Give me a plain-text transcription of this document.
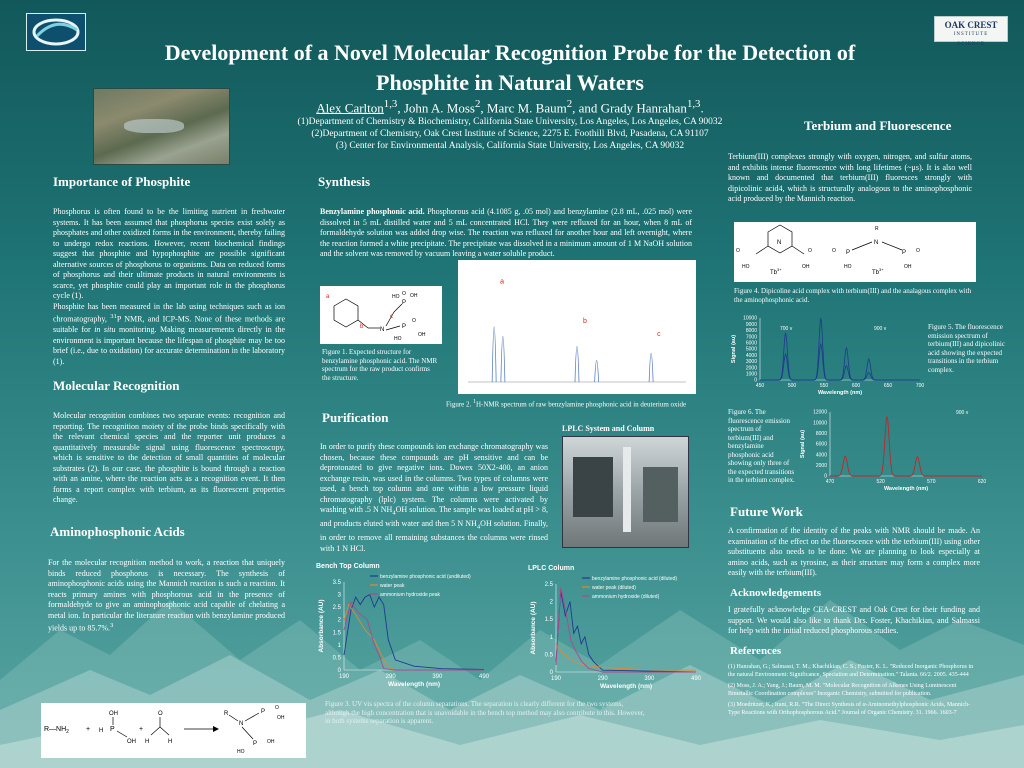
OAK CREST
INSTITUTE
SCIENCE
Development of a Novel Molecular Recognition Probe for the Detection of
Phosphite in Natural Waters
Alex Carlton$^{1,3}$, John A. Moss$^2$, Marc M. Baum$^2$, and Grady Hanrahan$^{1,3}$.
(1)Department of Chemistry & Biochemistry, California State University, Los Angeles, Los Angeles, CA 90032
(2)Department of Chemistry, Oak Crest Institute of Science, 2275 E. Foothill Blvd, Pasadena, CA 91107
(3) Center for Environmental Analysis, California State University, Los Angeles, CA 90032
Importance of Phosphite
Phosphorus is often found to be the limiting nutrient in freshwater systems. It has been assumed that phosphorus species exist solely as phosphates and other oxidized forms in the environment, thereby failing to undergo redox reactions. However, recent biochemical findings suggest that phosphite and hypophosphite are possible significant alternative sources of phosphorus to organisms. Data on reduced forms of phosphorus and their ultimate products in natural environments is scarce, yet phosphite could play an important role in the phosphorus cycle (1).
Phosphite has been measured in the lab using techniques such as ion chromatography, $^{31}$P NMR, and ICP-MS. None of these methods are suitable for in situ monitoring. Making measurements directly in the environment is important because the lifespan of phosphite may be too brief (i.e., due to oxidation) for accurate determination in the laboratory (1).
Molecular Recognition
Molecular recognition combines two separate events: recognition and reporting. The recognition moiety of the probe binds specifically with the relevant chemical species and the reporter unit produces a quantitatively measurable signal using fluorescence spectroscopy, which is sensitive to the detection of small quantities of molecular substrates (2). In our case, the phosphite is bound through a reaction with an amine, where the reaction acts as a recognition event. It then forms a report complex with terbium, as its fluorescent properties change.
Aminophosphonic Acids
For the molecular recognition method to work, a reaction that uniquely binds reduced phosphorus is necessary. The synthesis of aminophosphonic acids using the Mannich reaction is such a reaction. It reacts primary amines with phosphorous acid in the presence of formaldehyde to give an aminophosphonic acid capable of chelating a metal ion. In particular the literature reaction with benzylamine produced yields up to 85.7%.$^3$
$R—NH_2$ +
OH
P
H
OH
+
O
H	H
R
N
P
O
OH
P OH
HO
Synthesis
Benzylamine phosphonic acid. Phosphorous acid (4.1085 g, .05 mol) and benzylamine (2.8 mL, .025 mol) were dissolved in 5 mL distilled water and 5 mL concentrated HCl. They were refluxed for an hour, when 8 mL of formaldehyde solution was added drop wise. The reaction was refluxed for another hour and left overnight, where the reaction formed a white precipitate. The precipitate was dissolved in a minimum amount of 1 M NaOH solution and the solvent was removed by vacuum leaving a water soluble product.
N
P
HO O OH
P
O
OH
HO
a
b
c
Figure 1. Expected structure for benzylamine phosphonic acid. The NMR spectrum for the raw product confirms the structure.
a
b
c
Figure 2. $^1$H-NMR spectrum of raw benzylamine phosphonic acid in deuterium oxide
Purification
In order to purify these compounds ion exchange chromatography was chosen, because these compounds are pH sensitive and can be deprotonated to give negative ions. Dowex 50X2-400, an anion exchange resin, was used in the columns. Two types of columns were used, a bench top column and one within a low pressure liquid chromatography (lplc) system. The columns were activated by washing with .5 N $NH_4OH$ solution. The sample was loaded at pH > 8, and products eluted with water and then 5 N $NH_4OH$ solution. Finally, in order to remove all remaining substances the columns were rinsed with 1 N HCl.
LPLC System and Column
Bench Top Column
0
0.5
1
1.5
2
2.5
3
3.5
190	290	390	490
Wavelength (nm)
Absorbance (AU)
benzylamine phosphonic acid (undiluted)
water peak
ammonium hydroxide peak
LPLC Column
0
0.5
1
1.5
2
2.5
190	290	390	490
Wavelength (nm)
Absorbance (AU)
benzylamine phosphonic acid (diluted)
water peak (diluted)
ammonium hydroxide (diluted)
Figure 3. UV vis spectra of the column separations. The separation is clearly different for the two systems, although the high concentration that is unavoidable in the bench top method may also contribute to this. However, in both systems separation is apparent.
Terbium and Fluorescence
Terbium(III) complexes strongly with oxygen, nitrogen, and sulfur atoms, and exhibits intense fluorescence with long lifetimes (~μs). It is also well known and documented that terbium(III) fluoresces strongly with dipicolinic acid4, which is structurally analogous to the aminophosphonic acid produced by the Mannich reaction.
N
O	O
HO	OH
$Tb^{3+}$
R
N
P	P
O	O
HO	OH
$Tb^{3+}$
Figure 4. Dipicoline acid complex with terbium(III) and the analagous complex with the aminophosphonic acid.
0
1000
2000
3000
4000
5000
6000
7000
8000
9000
10000
450	500	550	600	650	700
Wavelength (nm)
Signal (au)
700 v	900 v	Figure 5. The fluorescence emission spectrum of terbium(III) and dipicolinic acid showing the expected transitions in the terbium complex.
0
2000
4000
6000
8000
10000
12000
470	520	570	620
Wavelength (nm)
Signal (au)
900 v
Figure 6. The fluorescence emission spectrum of terbium(III) and benzylamine phosphonic acid showing only three of the expected transitions in the terbium complex.
Future Work
A confirmation of the identity of the peaks with NMR should be made. An examination of the effect on the fluorescence with the terbium(III) using other substituents also needs to be done. We are planning to look especially at amino acids, such as tyrosine, as their structure may form a complex more easily with the terbium(III).
Acknowledgements
I gratefully acknowledge CEA-CREST and Oak Crest for their funding and support. We would also like to thank Drs. Foster, Khachikian, and Salmassi for help with the initial reduced phosphorous studies.
References
(1) Hanrahan, G.; Salmassi, T. M.; Khachikian, C. S.; Foster, K. L. "Reduced Inorganic Phosphorus in the natural Environment: Significance, Speciation and Determination." Talanta. 66/2. 2005. 435-444
(2) Moss, J. A.; Yang, J.; Baum, M. M. "Molecular Recognition of Alkenes Using Luminescent Bimetallic Coordination complexes" Inorganic Chemistry, submitted for publication.
(3) Moedritzer, K.; Irani, R.R. "The Direct Synthesis of α-Aminomethylphosphonic Acids, Mannich-Type Reactions with Orthophosphorous Acid." Journal of Organic Chemistry. 31. 1966. 1603-7
